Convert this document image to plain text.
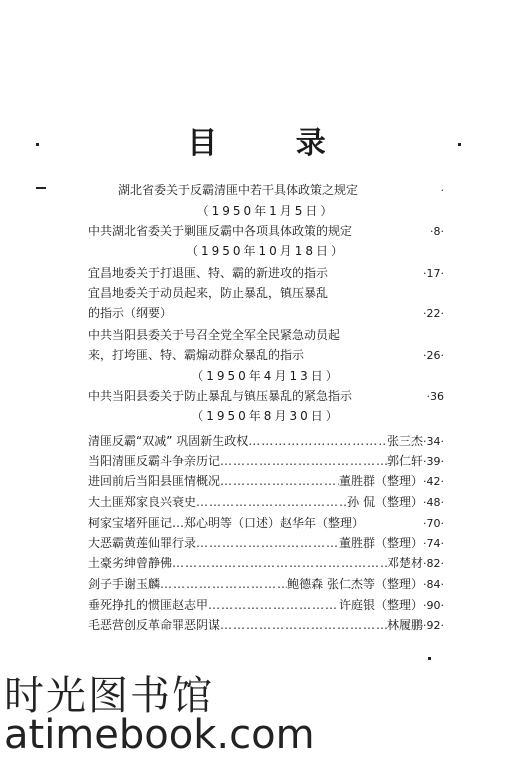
目 录
湖北省委关于反霸清匪中若干具体政策之规定	·
（1950年1月5日）
中共湖北省委关于剿匪反霸中各项具体政策的规定	·8·
（1950年10月18日）
宜昌地委关于打退匪、特、霸的新进攻的指示	·17·
宜昌地委关于动员起来，防止暴乱，镇压暴乱
的指示（纲要）	·22·
中共当阳县委关于号召全党全军全民紧急动员起
来，打垮匪、特、霸煽动群众暴乱的指示	·26·
（1950年4月13日）
中共当阳县委关于防止暴乱与镇压暴乱的紧急指示	·36
（1950年8月30日）
清匪反霸“双减” 巩固新生政权 ……………………………………………………………………………	张三杰 ·34·
当阳清匪反霸斗争亲历记 ……………………………………………………………………………	郭仁轩 ·39·
进回前后当阳县匪情概况 ……………………………………………………………………………	董胜群（整理） ·42·
大土匪郑家良兴衰史 ……………………………………………………………………………	孙 侃（整理） ·48·
柯家宝堵歼匪记…郑心明等（口述）赵华年（整理）	·70·
大恶霸黄莲仙罪行录 ……………………………………………………………………………	董胜群（整理） ·74·
土豪劣绅曾静佛 ……………………………………………………………………………	邓楚材 ·82·
剑子手谢玉麟 ……………………………………………………………………………	鲍德森 张仁杰等（整理） ·84·
垂死挣扎的惯匪赵志甲 ……………………………………………………………………………	许庭银（整理） ·90·
毛恶营创反革命罪恶阴谋 ……………………………………………………………………………	林履鹏 ·92·
时光图书馆
atimebook.com
